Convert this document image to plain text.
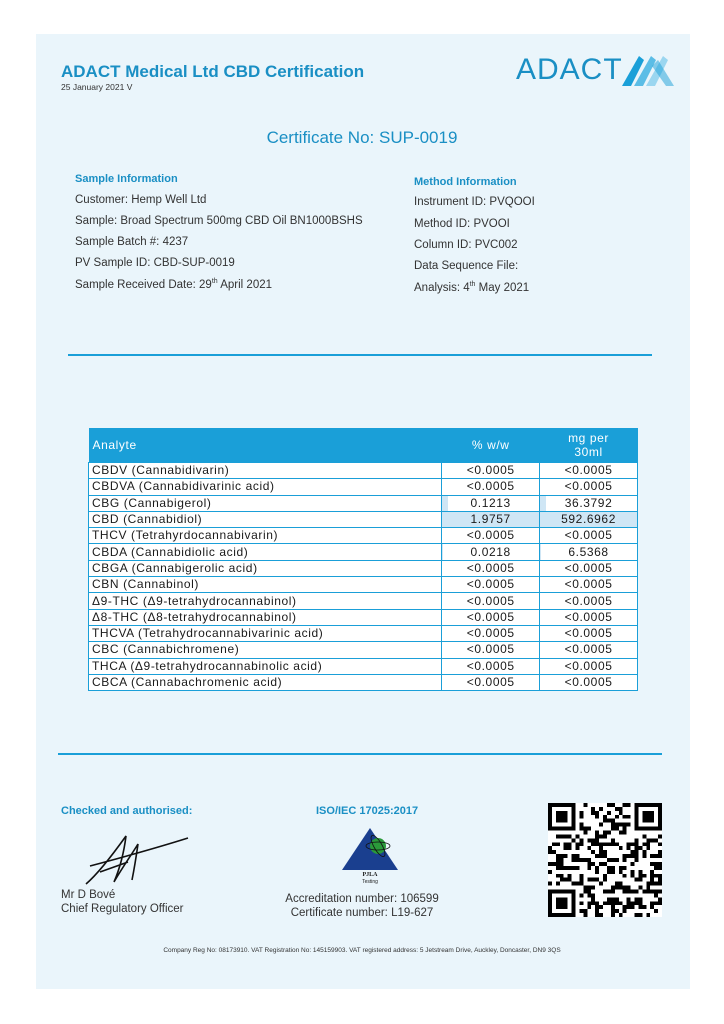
ADACT Medical Ltd CBD Certification
25 January 2021 V
ADACT
Certificate No: SUP-0019
Sample Information
Customer: Hemp Well Ltd
Sample: Broad Spectrum 500mg CBD Oil BN1000BSHS
Sample Batch #: 4237
PV Sample ID: CBD-SUP-0019
Sample Received Date: 29th April 2021
Method Information
Instrument ID: PVQOOI
Method ID: PVOOI
Column ID: PVC002
Data Sequence File:
Analysis: 4th May 2021
Analyte	% w/w	mg per
30ml
CBDV (Cannabidivarin)	<0.0005	<0.0005
CBDVA (Cannabidivarinic acid)	<0.0005	<0.0005
CBG (Cannabigerol)	0.1213	36.3792
CBD (Cannabidiol)	1.9757	592.6962
THCV (Tetrahyrdocannabivarin)	<0.0005	<0.0005
CBDA (Cannabidiolic acid)	0.0218	6.5368
CBGA (Cannabigerolic acid)	<0.0005	<0.0005
CBN (Cannabinol)	<0.0005	<0.0005
Δ9-THC (Δ9-tetrahydrocannabinol)	<0.0005	<0.0005
Δ8-THC (Δ8-tetrahydrocannabinol)	<0.0005	<0.0005
THCVA (Tetrahydrocannabivarinic acid)	<0.0005	<0.0005
CBC (Cannabichromene)	<0.0005	<0.0005
THCA (Δ9-tetrahydrocannabinolic acid)	<0.0005	<0.0005
CBCA (Cannabachromenic acid)	<0.0005	<0.0005
Checked and authorised:
Mr D Bové
Chief Regulatory Officer
ISO/IEC 17025:2017
PJLA
Testing
Accreditation number: 106599
Certificate number: L19-627
Company Reg No: 08173910. VAT Registration No: 145159903. VAT registered address: 5 Jetstream Drive, Auckley, Doncaster, DN9 3QS
